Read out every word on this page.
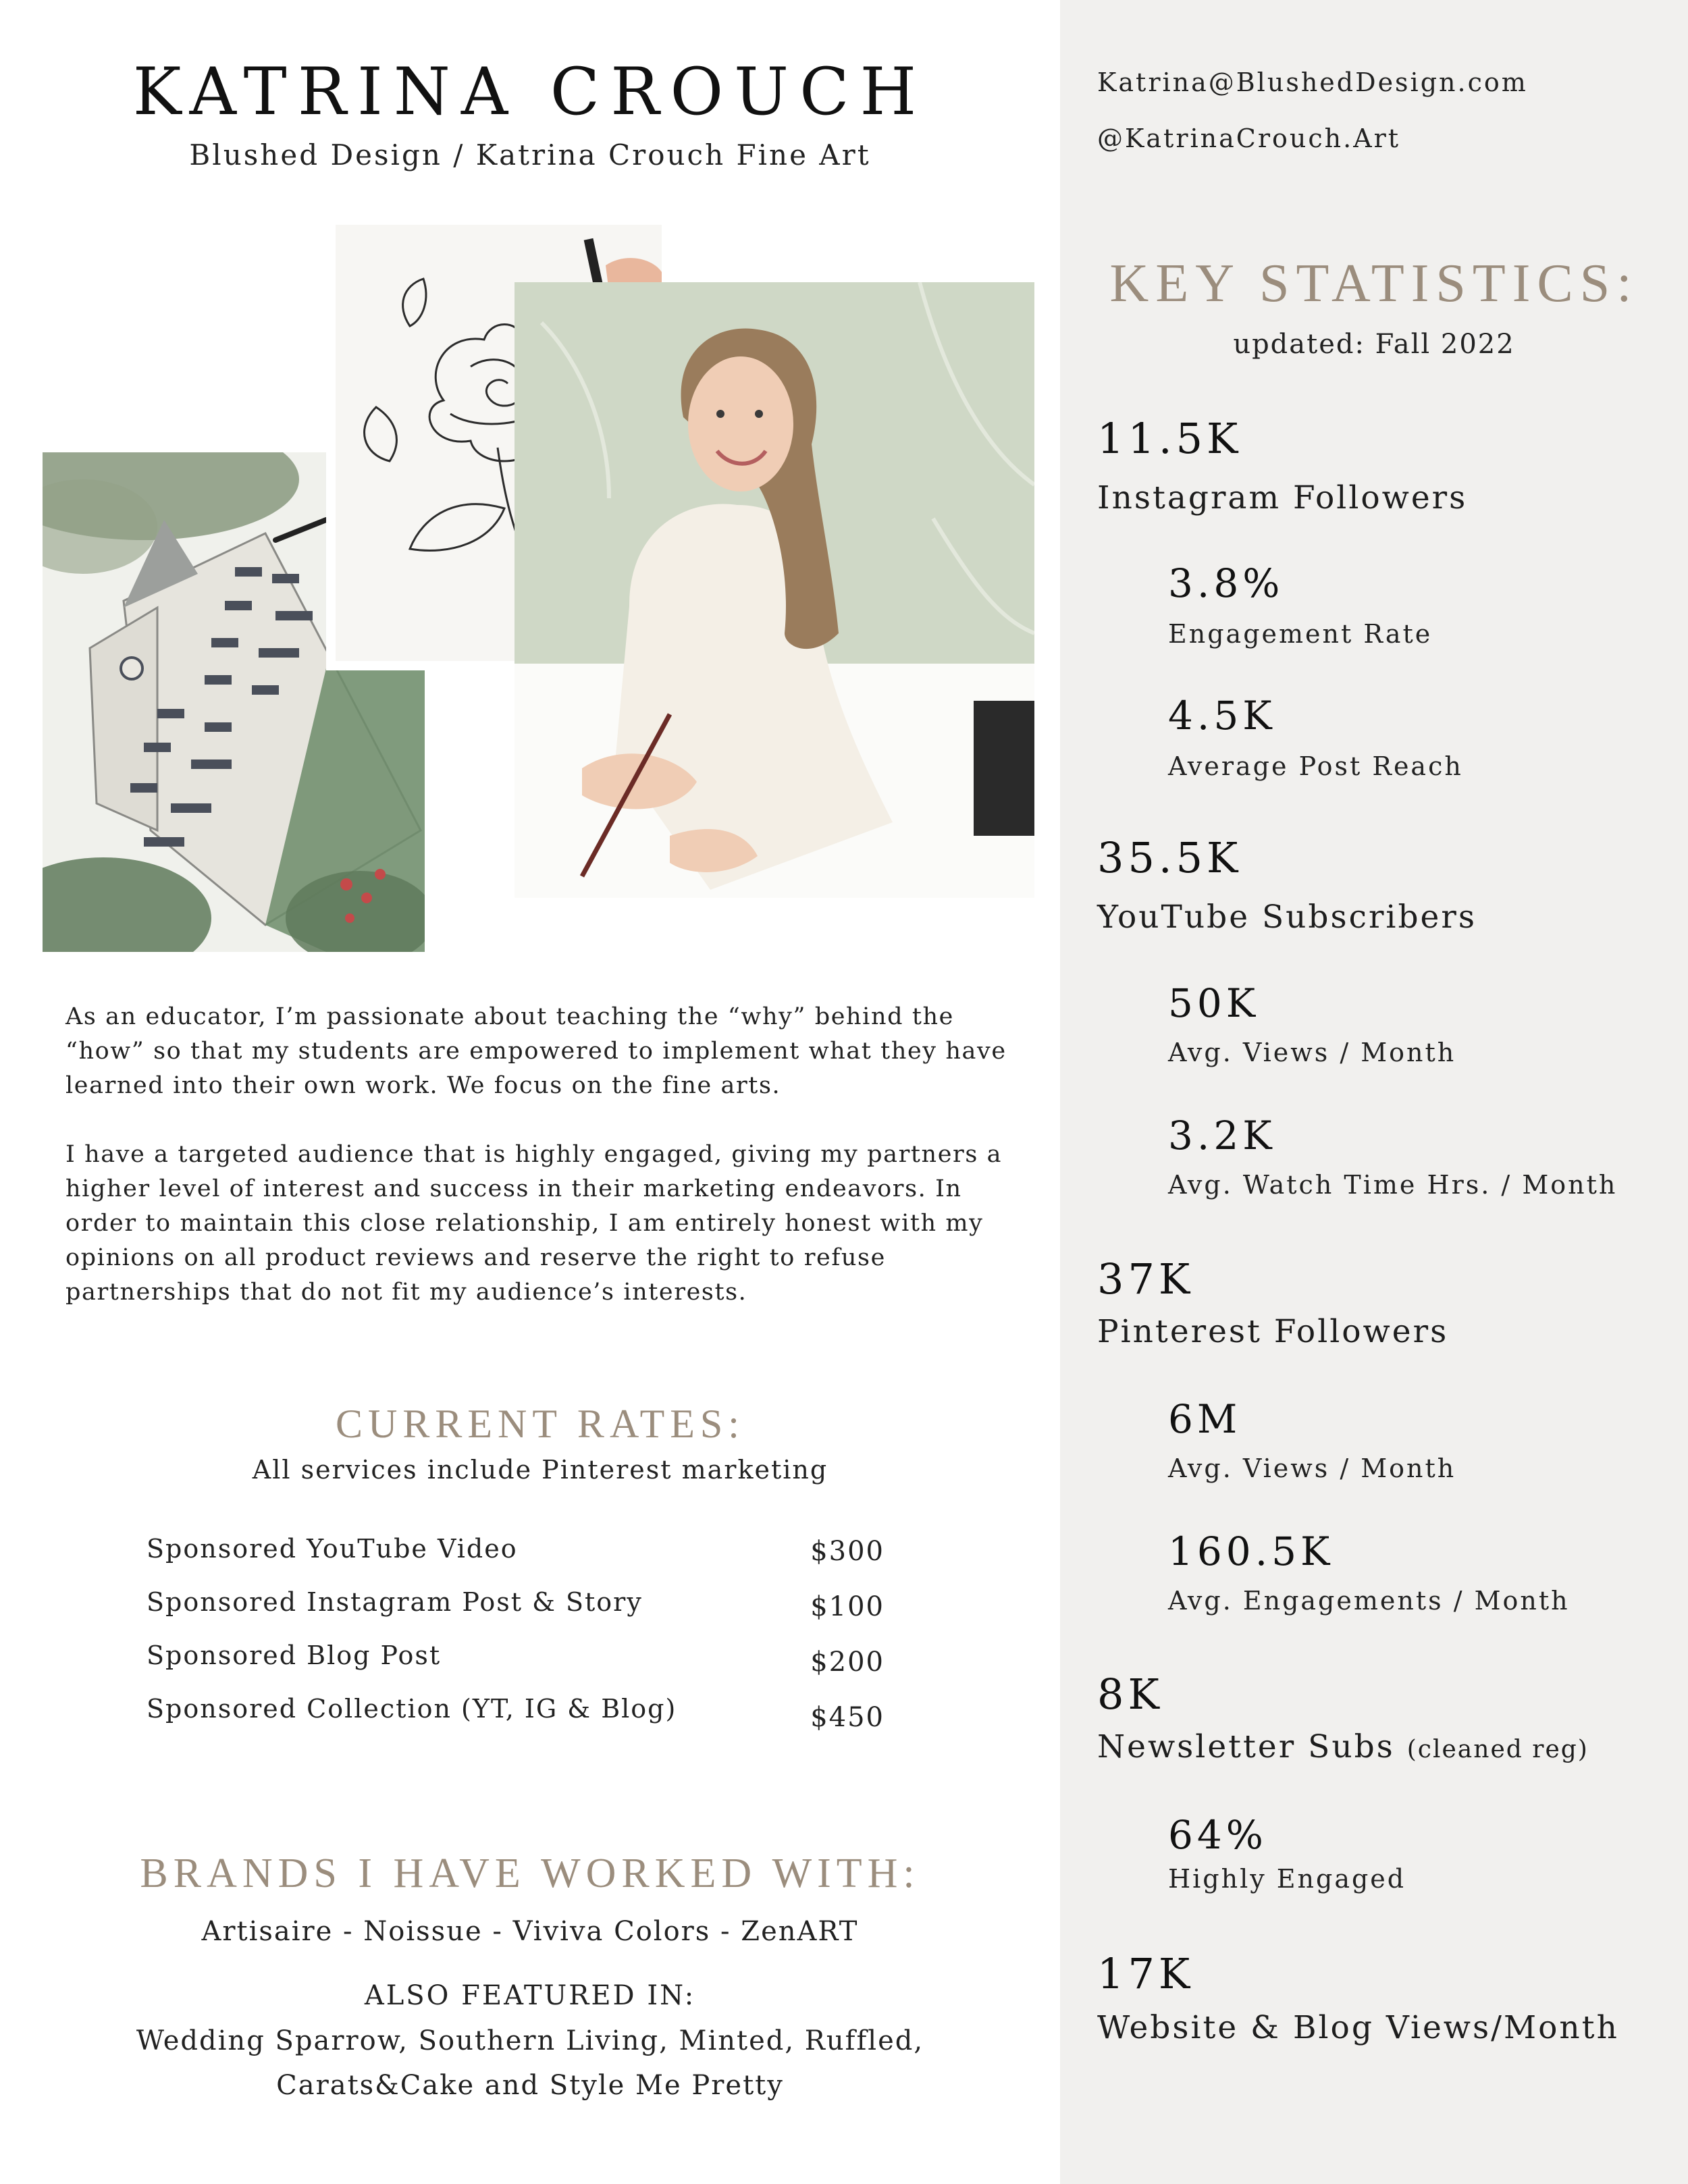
KATRINA CROUCH
Blushed Design / Katrina Crouch Fine Art
Katrina@BlushedDesign.com
@KatrinaCrouch.Art

As an educator, I’m passionate about teaching the “why” behind the “how” so that my students are empowered to implement what they have learned into their own work. We focus on the fine arts.

I have a targeted audience that is highly engaged, giving my partners a higher level of interest and success in their marketing endeavors. In order to maintain this close relationship, I am entirely honest with my opinions on all product reviews and reserve the right to refuse partnerships that do not fit my audience’s interests.

CURRENT RATES:
All services include Pinterest marketing
Sponsored YouTube Video	$300
Sponsored Instagram Post & Story	$100
Sponsored Blog Post	$200
Sponsored Collection (YT, IG & Blog)	$450
BRANDS I HAVE WORKED WITH:
Artisaire - Noissue - Viviva Colors - ZenART
ALSO FEATURED IN:
Wedding Sparrow, Southern Living, Minted, Ruffled,
Carats&Cake and Style Me Pretty
KEY STATISTICS:
updated: Fall 2022
11.5K
Instagram Followers
3.8%
Engagement Rate
4.5K
Average Post Reach
35.5K
YouTube Subscribers
50K
Avg. Views / Month
3.2K
Avg. Watch Time Hrs. / Month
37K
Pinterest Followers
6M
Avg. Views / Month
160.5K
Avg. Engagements / Month
8K
Newsletter Subs (cleaned reg)
64%
Highly Engaged
17K
Website & Blog Views/Month
